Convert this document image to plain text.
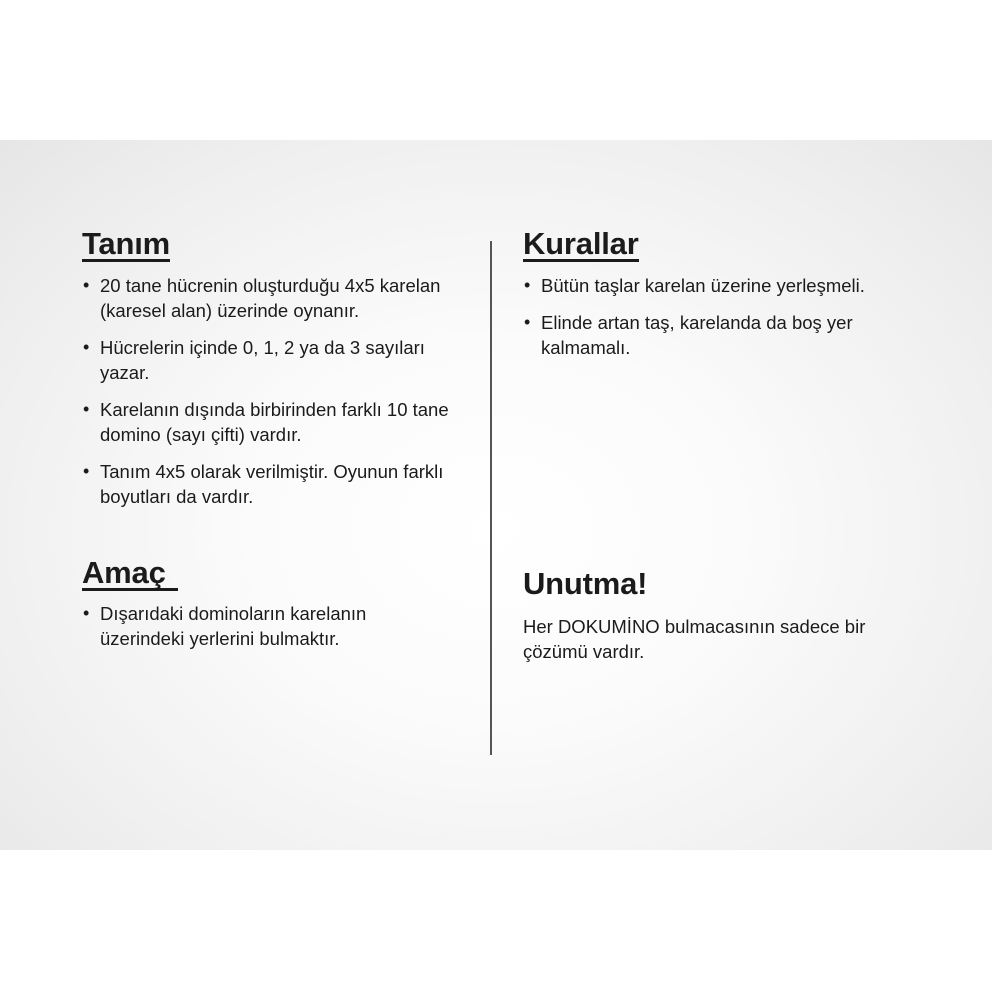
Tanım
• 20 tane hücrenin oluşturduğu 4x5 karelan (karesel alan) üzerinde oynanır.
• Hücrelerin içinde 0, 1, 2 ya da 3 sayıları yazar.
• Karelanın dışında birbirinden farklı 10 tane domino (sayı çifti) vardır.
• Tanım 4x5 olarak verilmiştir. Oyunun farklı boyutları da vardır.
Amaç
• Dışarıdaki dominoların karelanın üzerindeki yerlerini bulmaktır.
Kurallar
• Bütün taşlar karelan üzerine yerleşmeli.
• Elinde artan taş, karelanda da boş yer kalmamalı.
Unutma!

Her DOKUMİNO bulmacasının sadece bir çözümü vardır.
